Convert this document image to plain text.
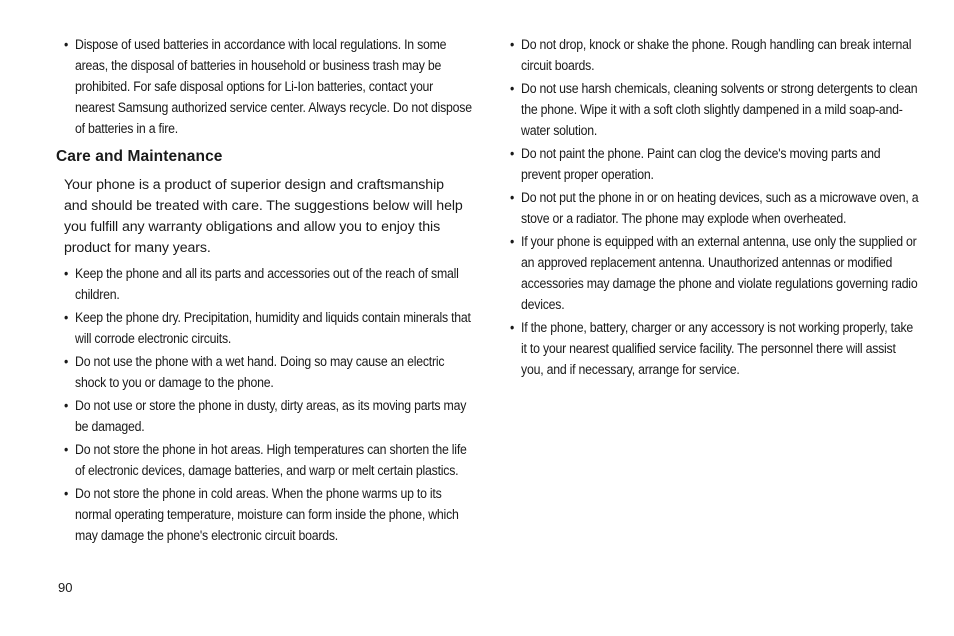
• Dispose of used batteries in accordance with local regulations. In some areas, the disposal of batteries in household or business trash may be prohibited. For safe disposal options for Li-Ion batteries, contact your nearest Samsung authorized service center. Always recycle. Do not dispose of batteries in a fire.
Care and Maintenance

Your phone is a product of superior design and craftsmanship and should be treated with care. The suggestions below will help you fulfill any warranty obligations and allow you to enjoy this product for many years.

• Keep the phone and all its parts and accessories out of the reach of small children.
• Keep the phone dry. Precipitation, humidity and liquids contain minerals that will corrode electronic circuits.
• Do not use the phone with a wet hand. Doing so may cause an electric shock to you or damage to the phone.
• Do not use or store the phone in dusty, dirty areas, as its moving parts may be damaged.
• Do not store the phone in hot areas. High temperatures can shorten the life of electronic devices, damage batteries, and warp or melt certain plastics.
• Do not store the phone in cold areas. When the phone warms up to its normal operating temperature, moisture can form inside the phone, which may damage the phone's electronic circuit boards.
• Do not drop, knock or shake the phone. Rough handling can break internal circuit boards.
• Do not use harsh chemicals, cleaning solvents or strong detergents to clean the phone. Wipe it with a soft cloth slightly dampened in a mild soap-and-water solution.
• Do not paint the phone. Paint can clog the device's moving parts and prevent proper operation.
• Do not put the phone in or on heating devices, such as a microwave oven, a stove or a radiator. The phone may explode when overheated.
• If your phone is equipped with an external antenna, use only the supplied or an approved replacement antenna. Unauthorized antennas or modified accessories may damage the phone and violate regulations governing radio devices.
• If the phone, battery, charger or any accessory is not working properly, take it to your nearest qualified service facility. The personnel there will assist you, and if necessary, arrange for service.
90
